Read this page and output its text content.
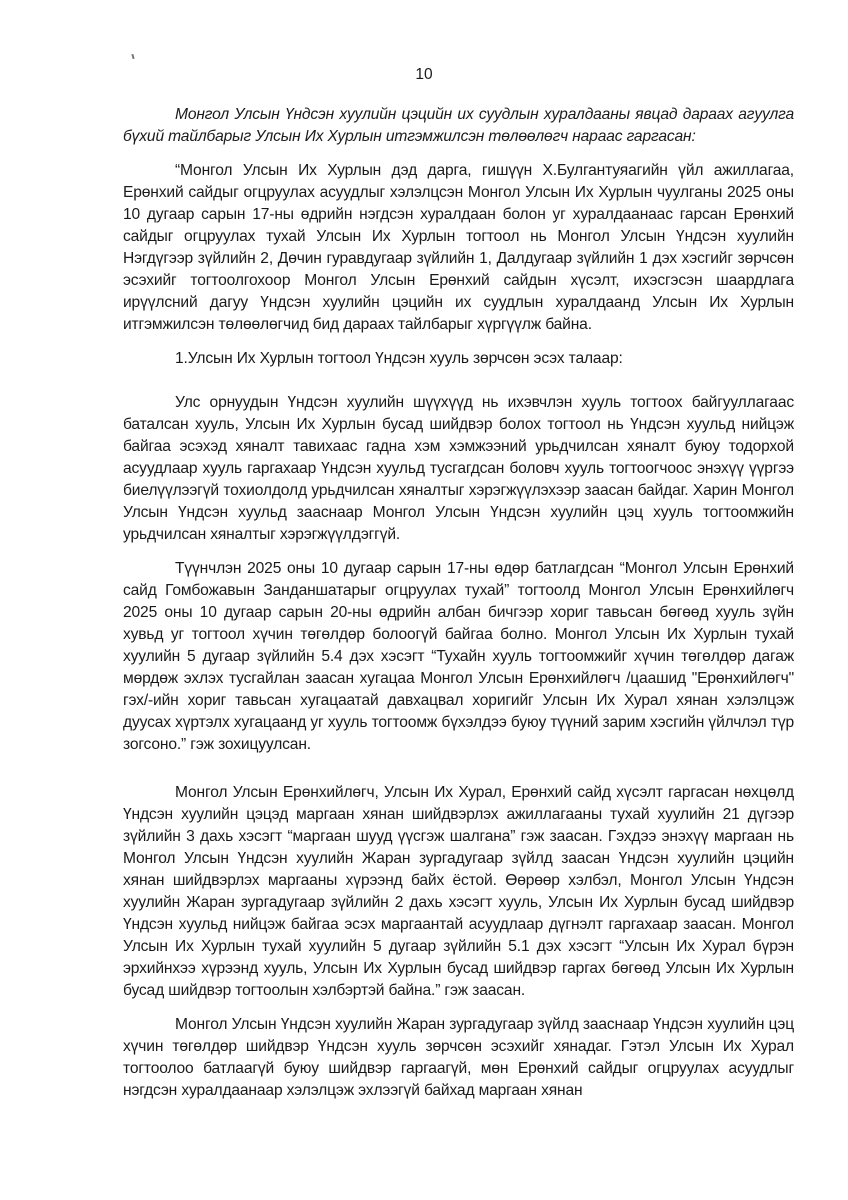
10

Монгол Улсын Үндсэн хуулийн цэцийн их суудлын хуралдааны явцад дараах агуулга бүхий тайлбарыг Улсын Их Хурлын итгэмжилсэн төлөөлөгч нараас гаргасан:

“Монгол Улсын Их Хурлын дэд дарга, гишүүн Х.Булгантуяагийн үйл ажиллагаа, Ерөнхий сайдыг огцруулах асуудлыг хэлэлцсэн Монгол Улсын Их Хурлын чуулганы 2025 оны 10 дугаар сарын 17-ны өдрийн нэгдсэн хуралдаан болон уг хуралдаанаас гарсан Ерөнхий сайдыг огцруулах тухай Улсын Их Хурлын тогтоол нь Монгол Улсын Үндсэн хуулийн Нэгдүгээр зүйлийн 2, Дөчин гуравдугаар зүйлийн 1, Далдугаар зүйлийн 1 дэх хэсгийг зөрчсөн эсэхийг тогтоолгохоор Монгол Улсын Ерөнхий сайдын хүсэлт, ихэсгэсэн шаардлага ирүүлсний дагуу Үндсэн хуулийн цэцийн их суудлын хуралдаанд Улсын Их Хурлын итгэмжилсэн төлөөлөгчид бид дараах тайлбарыг хүргүүлж байна.

1.Улсын Их Хурлын тогтоол Үндсэн хууль зөрчсөн эсэх талаар:

Улс орнуудын Үндсэн хуулийн шүүхүүд нь ихэвчлэн хууль тогтоох байгууллагаас баталсан хууль, Улсын Их Хурлын бусад шийдвэр болох тогтоол нь Үндсэн хуульд нийцэж байгаа эсэхэд хяналт тавихаас гадна хэм хэмжээний урьдчилсан хяналт буюу тодорхой асуудлаар хууль гаргахаар Үндсэн хуульд тусгагдсан боловч хууль тогтоогчоос энэхүү үүргээ биелүүлээгүй тохиолдолд урьдчилсан хяналтыг хэрэгжүүлэхээр заасан байдаг. Харин Монгол Улсын Үндсэн хуульд зааснаар Монгол Улсын Үндсэн хуулийн цэц хууль тогтоомжийн урьдчилсан хяналтыг хэрэгжүүлдэггүй.

Түүнчлэн 2025 оны 10 дугаар сарын 17-ны өдөр батлагдсан “Монгол Улсын Ерөнхий сайд Гомбожавын Занданшатарыг огцруулах тухай” тогтоолд Монгол Улсын Ерөнхийлөгч 2025 оны 10 дугаар сарын 20-ны өдрийн албан бичгээр хориг тавьсан бөгөөд хууль зүйн хувьд уг тогтоол хүчин төгөлдөр болоогүй байгаа болно. Монгол Улсын Их Хурлын тухай хуулийн 5 дугаар зүйлийн 5.4 дэх хэсэгт “Тухайн хууль тогтоомжийг хүчин төгөлдөр дагаж мөрдөж эхлэх тусгайлан заасан хугацаа Монгол Улсын Ерөнхийлөгч /цаашид "Ерөнхийлөгч" гэх/-ийн хориг тавьсан хугацаатай давхацвал хоригийг Улсын Их Хурал хянан хэлэлцэж дуусах хүртэлх хугацаанд уг хууль тогтоомж бүхэлдээ буюу түүний зарим хэсгийн үйлчлэл түр зогсоно.” гэж зохицуулсан.

Монгол Улсын Ерөнхийлөгч, Улсын Их Хурал, Ерөнхий сайд хүсэлт гаргасан нөхцөлд Үндсэн хуулийн цэцэд маргаан хянан шийдвэрлэх ажиллагааны тухай хуулийн 21 дүгээр зүйлийн 3 дахь хэсэгт “маргаан шууд үүсгэж шалгана” гэж заасан. Гэхдээ энэхүү маргаан нь Монгол Улсын Үндсэн хуулийн Жаран зургадугаар зүйлд заасан Үндсэн хуулийн цэцийн хянан шийдвэрлэх маргааны хүрээнд байх ёстой. Өөрөөр хэлбэл, Монгол Улсын Үндсэн хуулийн Жаран зургадугаар зүйлийн 2 дахь хэсэгт хууль, Улсын Их Хурлын бусад шийдвэр Үндсэн хуульд нийцэж байгаа эсэх маргаантай асуудлаар дүгнэлт гаргахаар заасан. Монгол Улсын Их Хурлын тухай хуулийн 5 дугаар зүйлийн 5.1 дэх хэсэгт “Улсын Их Хурал бүрэн эрхийнхээ хүрээнд хууль, Улсын Их Хурлын бусад шийдвэр гаргах бөгөөд Улсын Их Хурлын бусад шийдвэр тогтоолын хэлбэртэй байна.” гэж заасан.

Монгол Улсын Үндсэн хуулийн Жаран зургадугаар зүйлд зааснаар Үндсэн хуулийн цэц хүчин төгөлдөр шийдвэр Үндсэн хууль зөрчсөн эсэхийг хянадаг. Гэтэл Улсын Их Хурал тогтоолоо батлаагүй буюу шийдвэр гаргаагүй, мөн Ерөнхий сайдыг огцруулах асуудлыг нэгдсэн хуралдаанаар хэлэлцэж эхлээгүй байхад маргаан хянан
